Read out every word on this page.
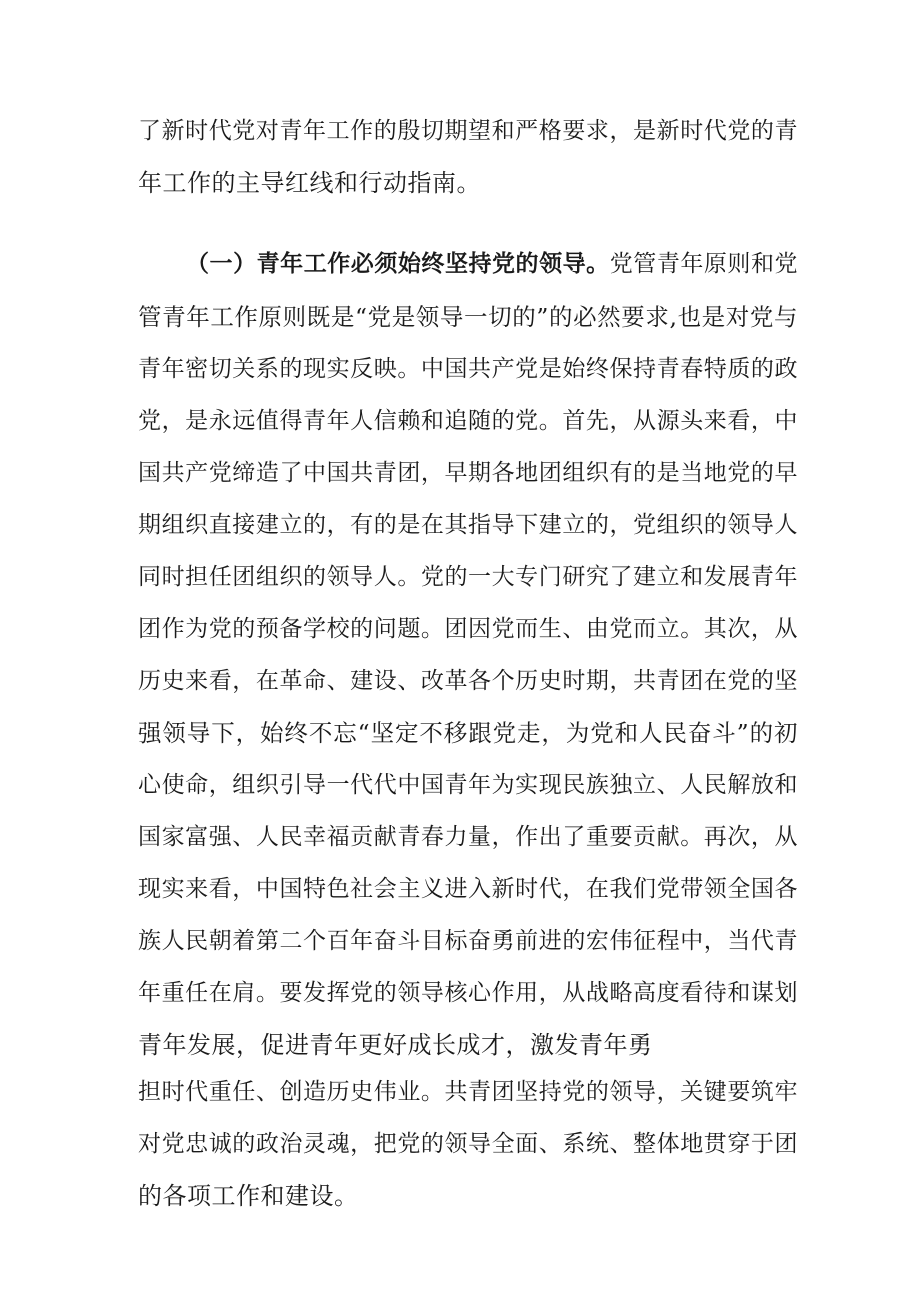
了新时代党对青年工作的殷切期望和严格要求，是新时代党的青
年工作的主导红线和行动指南。
（一）青年工作必须始终坚持党的领导。党管青年原则和党
管青年工作原则既是“党是领导一切的”的必然要求,也是对党与
青年密切关系的现实反映。中国共产党是始终保持青春特质的政
党，是永远值得青年人信赖和追随的党。首先，从源头来看，中
国共产党缔造了中国共青团，早期各地团组织有的是当地党的早
期组织直接建立的，有的是在其指导下建立的，党组织的领导人
同时担任团组织的领导人。党的一大专门研究了建立和发展青年
团作为党的预备学校的问题。团因党而生、由党而立。其次，从
历史来看，在革命、建设、改革各个历史时期，共青团在党的坚
强领导下，始终不忘“坚定不移跟党走，为党和人民奋斗”的初
心使命，组织引导一代代中国青年为实现民族独立、人民解放和
国家富强、人民幸福贡献青春力量，作出了重要贡献。再次，从
现实来看，中国特色社会主义进入新时代，在我们党带领全国各
族人民朝着第二个百年奋斗目标奋勇前进的宏伟征程中，当代青
年重任在肩。要发挥党的领导核心作用，从战略高度看待和谋划
青年发展，促进青年更好成长成才，激发青年勇
担时代重任、创造历史伟业。共青团坚持党的领导，关键要筑牢
对党忠诚的政治灵魂，把党的领导全面、系统、整体地贯穿于团
的各项工作和建设。
